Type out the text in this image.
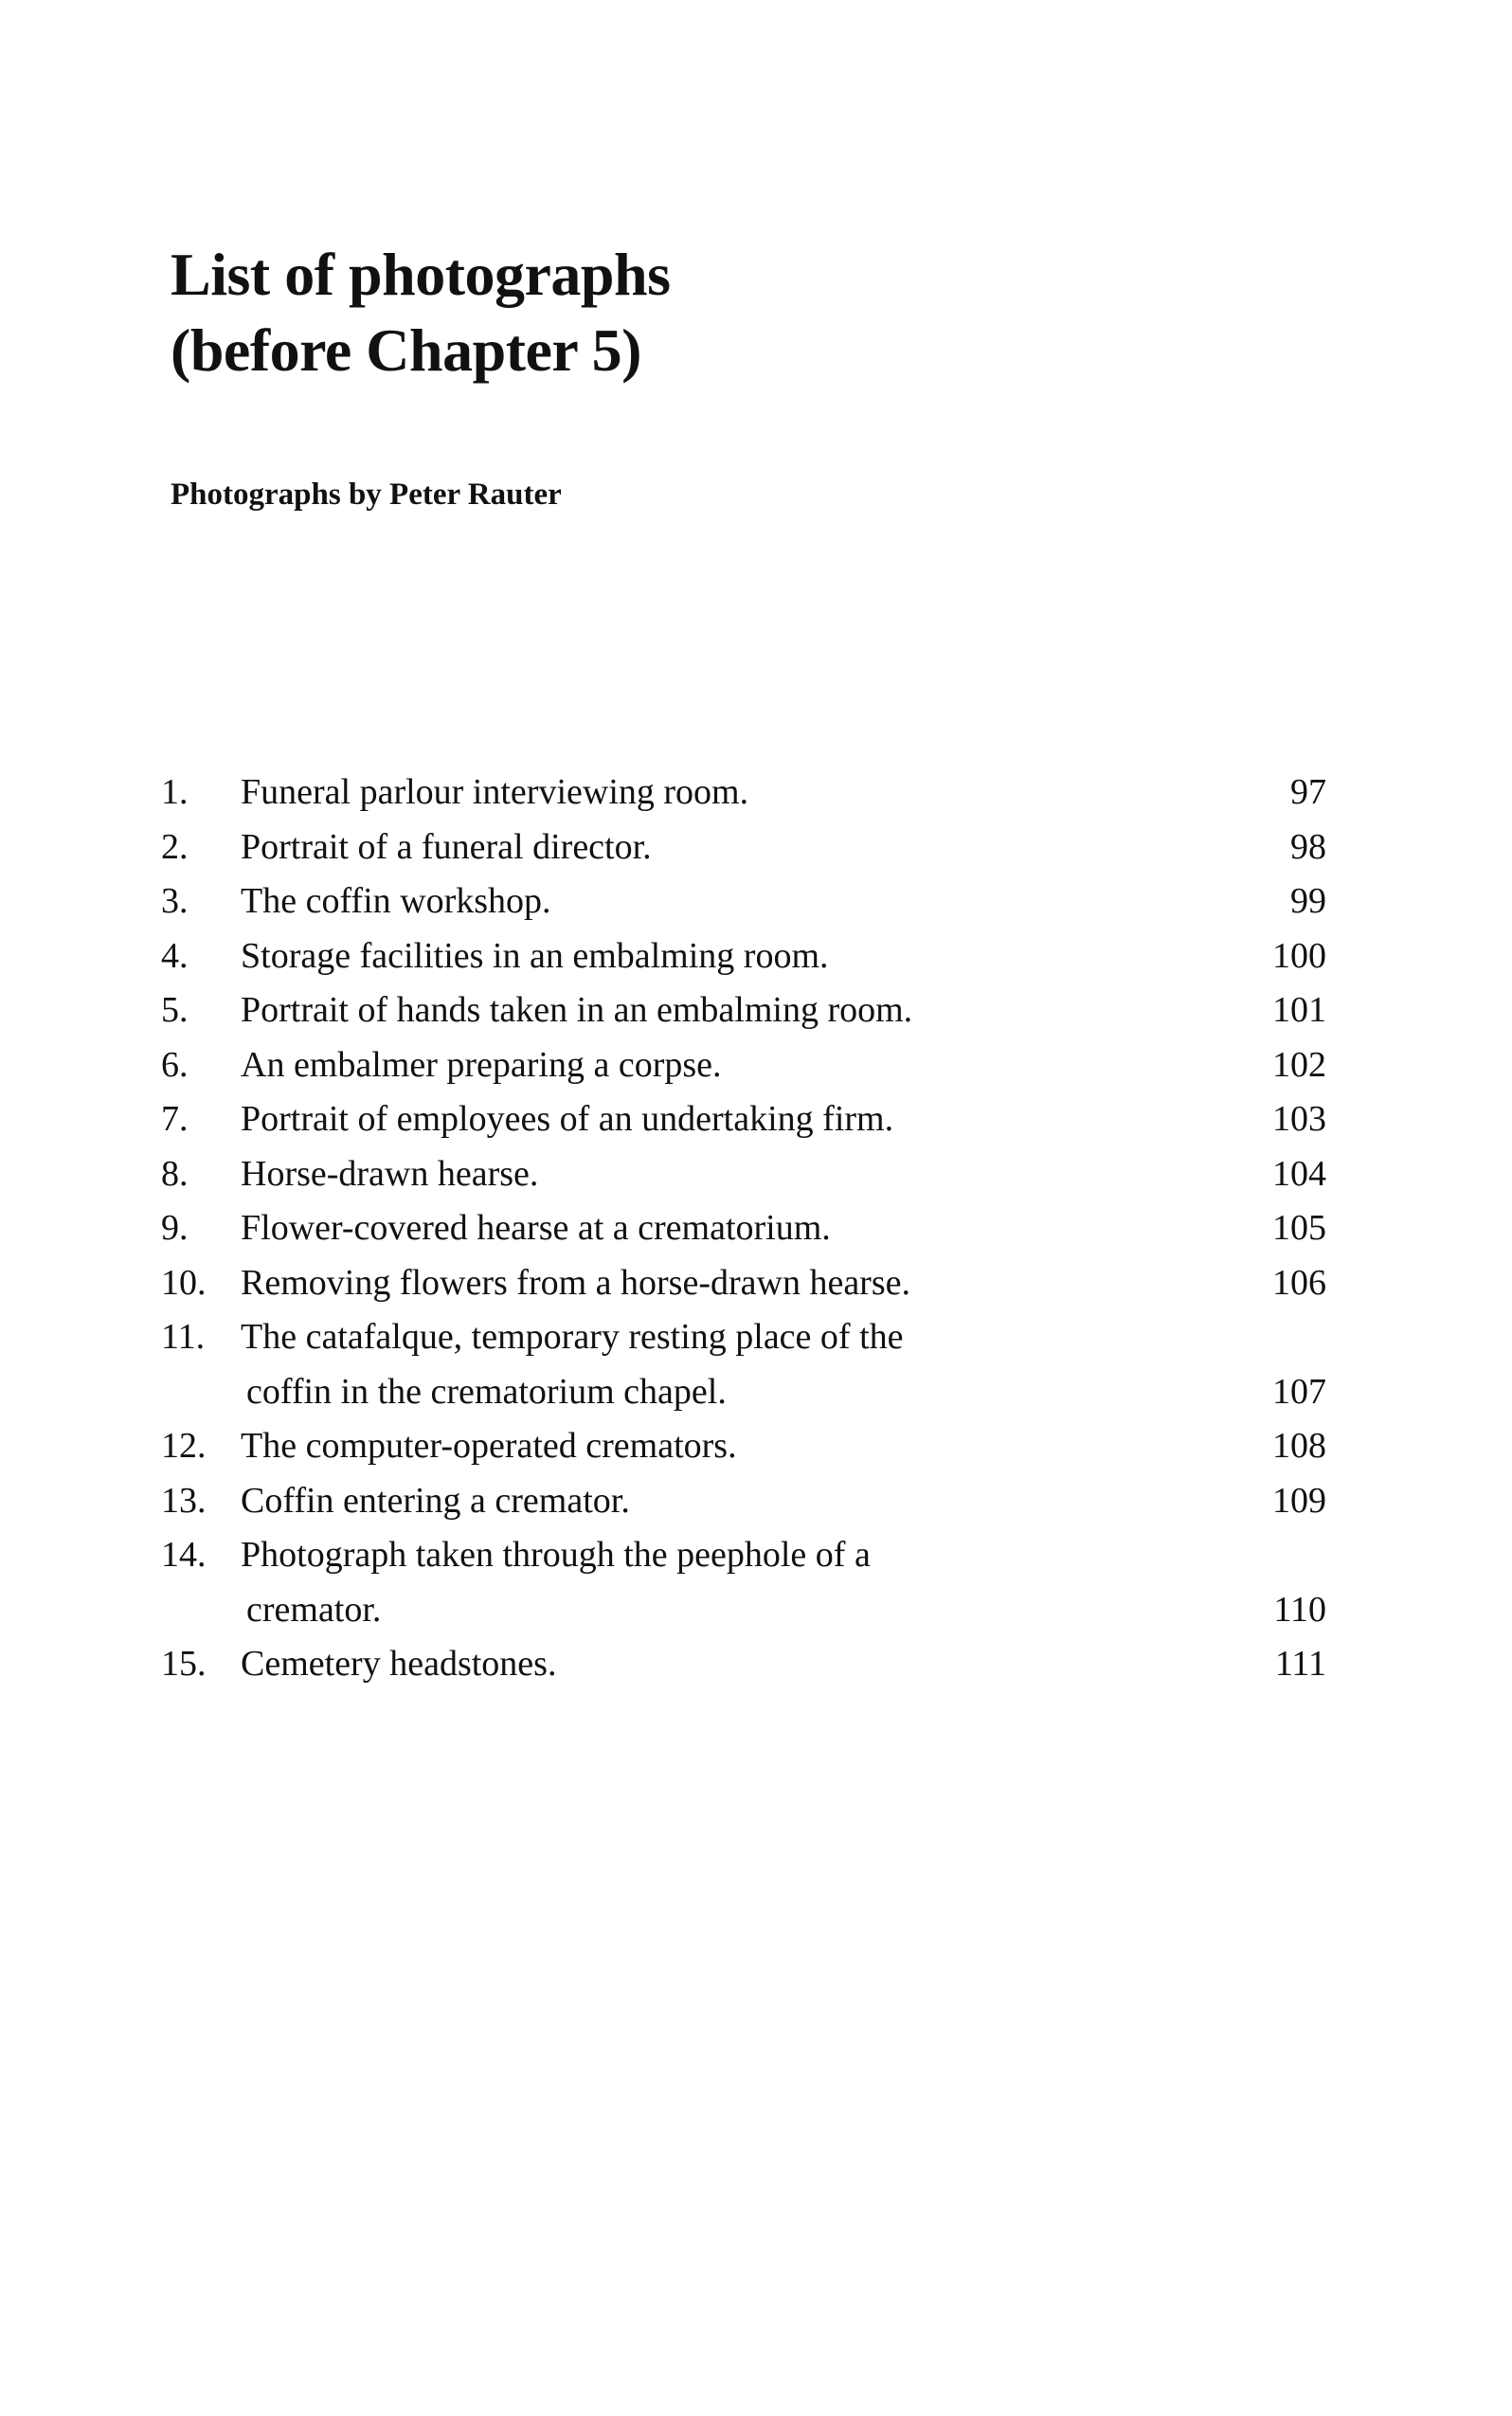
List of photographs
(before Chapter 5)

Photographs by Peter Rauter

1.	Funeral parlour interviewing room.	97
2.	Portrait of a funeral director.	98
3.	The coffin workshop.	99
4.	Storage facilities in an embalming room.	100
5.	Portrait of hands taken in an embalming room.	101
6.	An embalmer preparing a corpse.	102
7.	Portrait of employees of an undertaking firm.	103
8.	Horse-drawn hearse.	104
9.	Flower-covered hearse at a crematorium.	105
10. Removing flowers from a horse-drawn hearse.	106
11. The catafalque, temporary resting place of the
coffin in the crematorium chapel.	107
12. The computer-operated cremators.	108
13. Coffin entering a cremator.	109
14. Photograph taken through the peephole of a
cremator.	110
15. Cemetery headstones.	111
